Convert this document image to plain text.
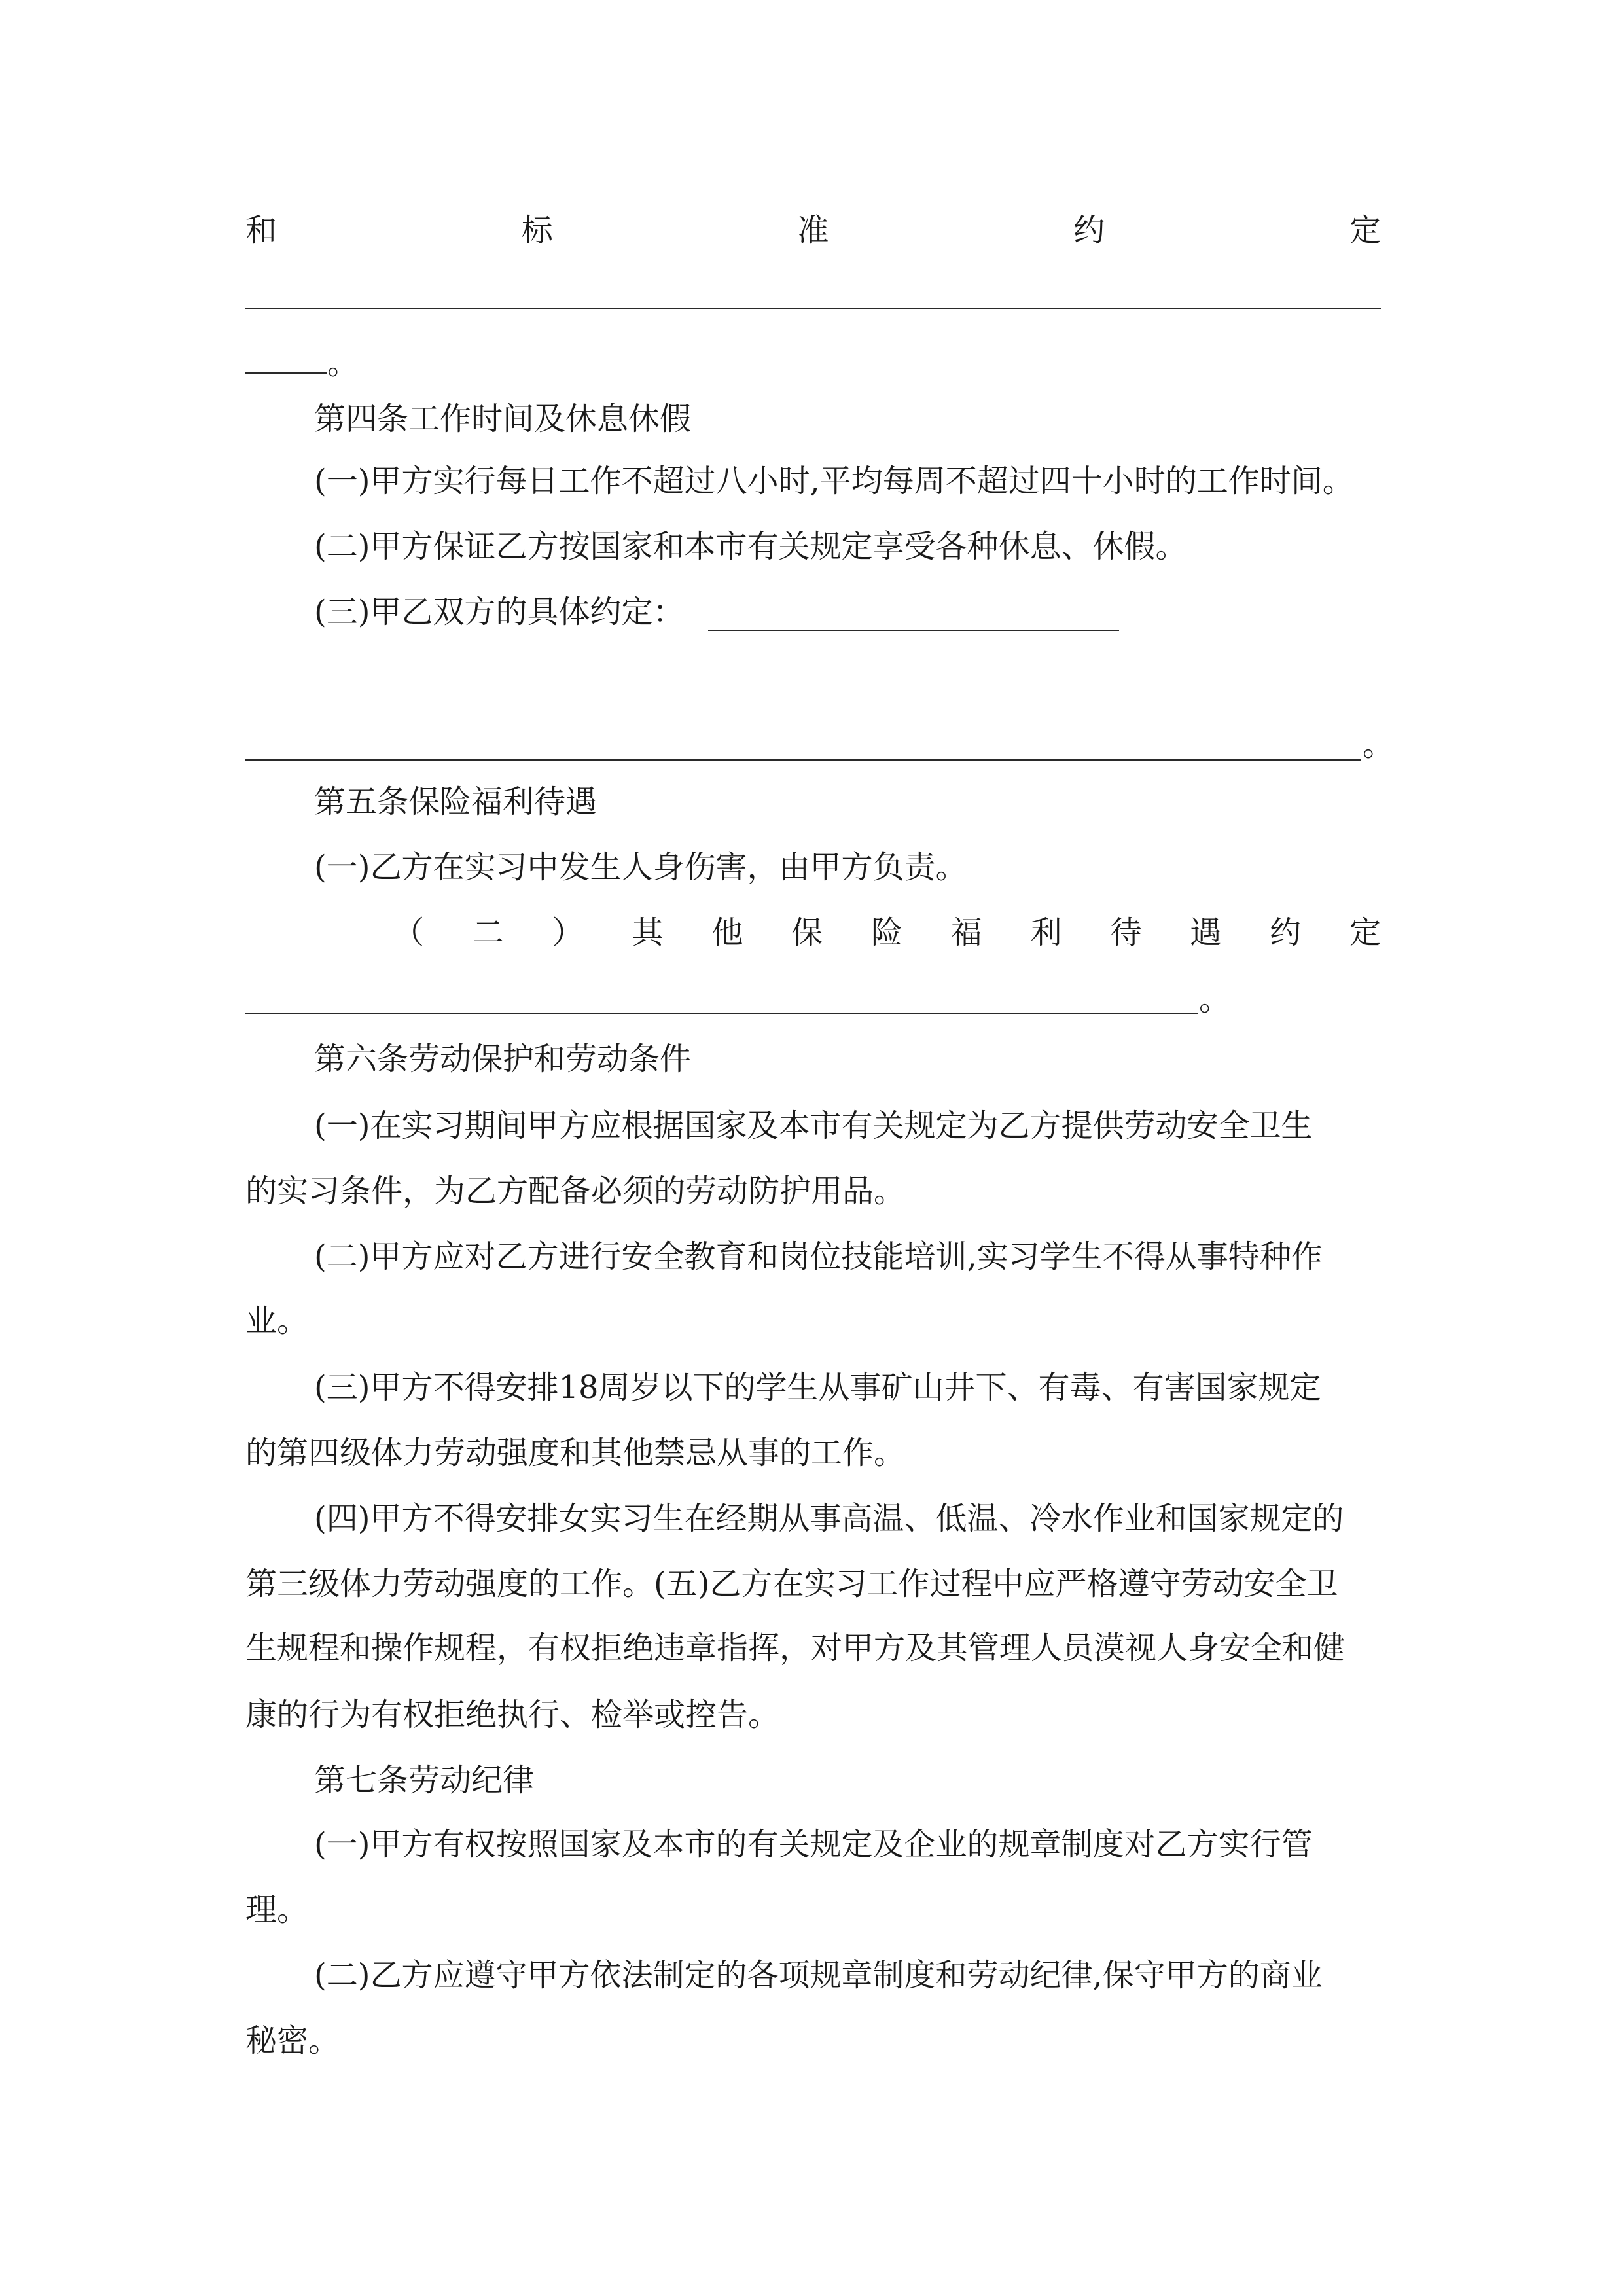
和	标	准	约	定
。
第四条工作时间及休息休假
(一)甲方实行每日工作不超过八小时,平均每周不超过四十小时的工作时间。
(二)甲方保证乙方按国家和本市有关规定享受各种休息、休假。
(三)甲乙双方的具体约定：
。
第五条保险福利待遇
(一)乙方在实习中发生人身伤害，由甲方负责。
（ 二 ） 其 他 保 险 福 利 待 遇 约 定
。
第六条劳动保护和劳动条件
(一)在实习期间甲方应根据国家及本市有关规定为乙方提供劳动安全卫生
的实习条件，为乙方配备必须的劳动防护用品。
(二)甲方应对乙方进行安全教育和岗位技能培训,实习学生不得从事特种作
业。
(三)甲方不得安排18周岁以下的学生从事矿山井下、有毒、有害国家规定
的第四级体力劳动强度和其他禁忌从事的工作。
(四)甲方不得安排女实习生在经期从事高温、低温、冷水作业和国家规定的
第三级体力劳动强度的工作。(五)乙方在实习工作过程中应严格遵守劳动安全卫
生规程和操作规程，有权拒绝违章指挥，对甲方及其管理人员漠视人身安全和健
康的行为有权拒绝执行、检举或控告。
第七条劳动纪律
(一)甲方有权按照国家及本市的有关规定及企业的规章制度对乙方实行管
理。
(二)乙方应遵守甲方依法制定的各项规章制度和劳动纪律,保守甲方的商业
秘密。
